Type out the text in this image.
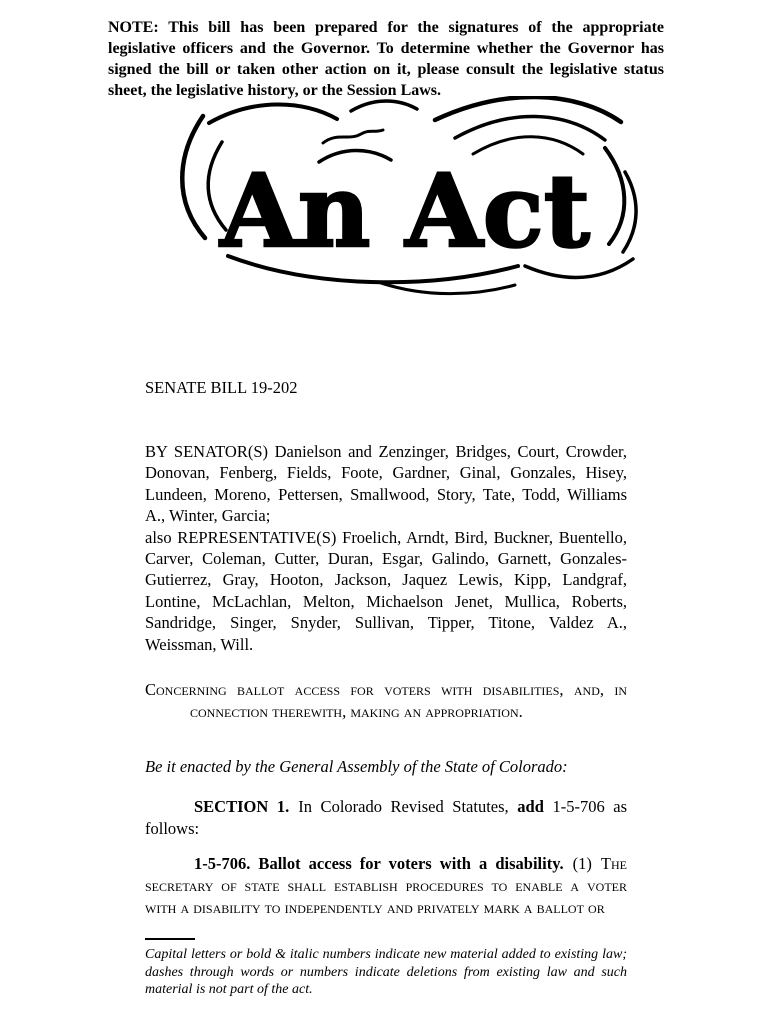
NOTE: This bill has been prepared for the signatures of the appropriate legislative officers and the Governor. To determine whether the Governor has signed the bill or taken other action on it, please consult the legislative status sheet, the legislative history, or the Session Laws.
An Act
SENATE BILL 19-202

BY SENATOR(S) Danielson and Zenzinger, Bridges, Court, Crowder, Donovan, Fenberg, Fields, Foote, Gardner, Ginal, Gonzales, Hisey, Lundeen, Moreno, Pettersen, Smallwood, Story, Tate, Todd, Williams A., Winter, Garcia;

also REPRESENTATIVE(S) Froelich, Arndt, Bird, Buckner, Buentello, Carver, Coleman, Cutter, Duran, Esgar, Galindo, Garnett, Gonzales-Gutierrez, Gray, Hooton, Jackson, Jaquez Lewis, Kipp, Landgraf, Lontine, McLachlan, Melton, Michaelson Jenet, Mullica, Roberts, Sandridge, Singer, Snyder, Sullivan, Tipper, Titone, Valdez A., Weissman, Will.

Concerning ballot access for voters with disabilities, and, in connection therewith, making an appropriation.
Be it enacted by the General Assembly of the State of Colorado:
SECTION 1. In Colorado Revised Statutes, add 1-5-706 as follows:
1-5-706. Ballot access for voters with a disability. (1) The secretary of state shall establish procedures to enable a voter with a disability to independently and privately mark a ballot or

Capital letters or bold & italic numbers indicate new material added to existing law; dashes through words or numbers indicate deletions from existing law and such material is not part of the act.
